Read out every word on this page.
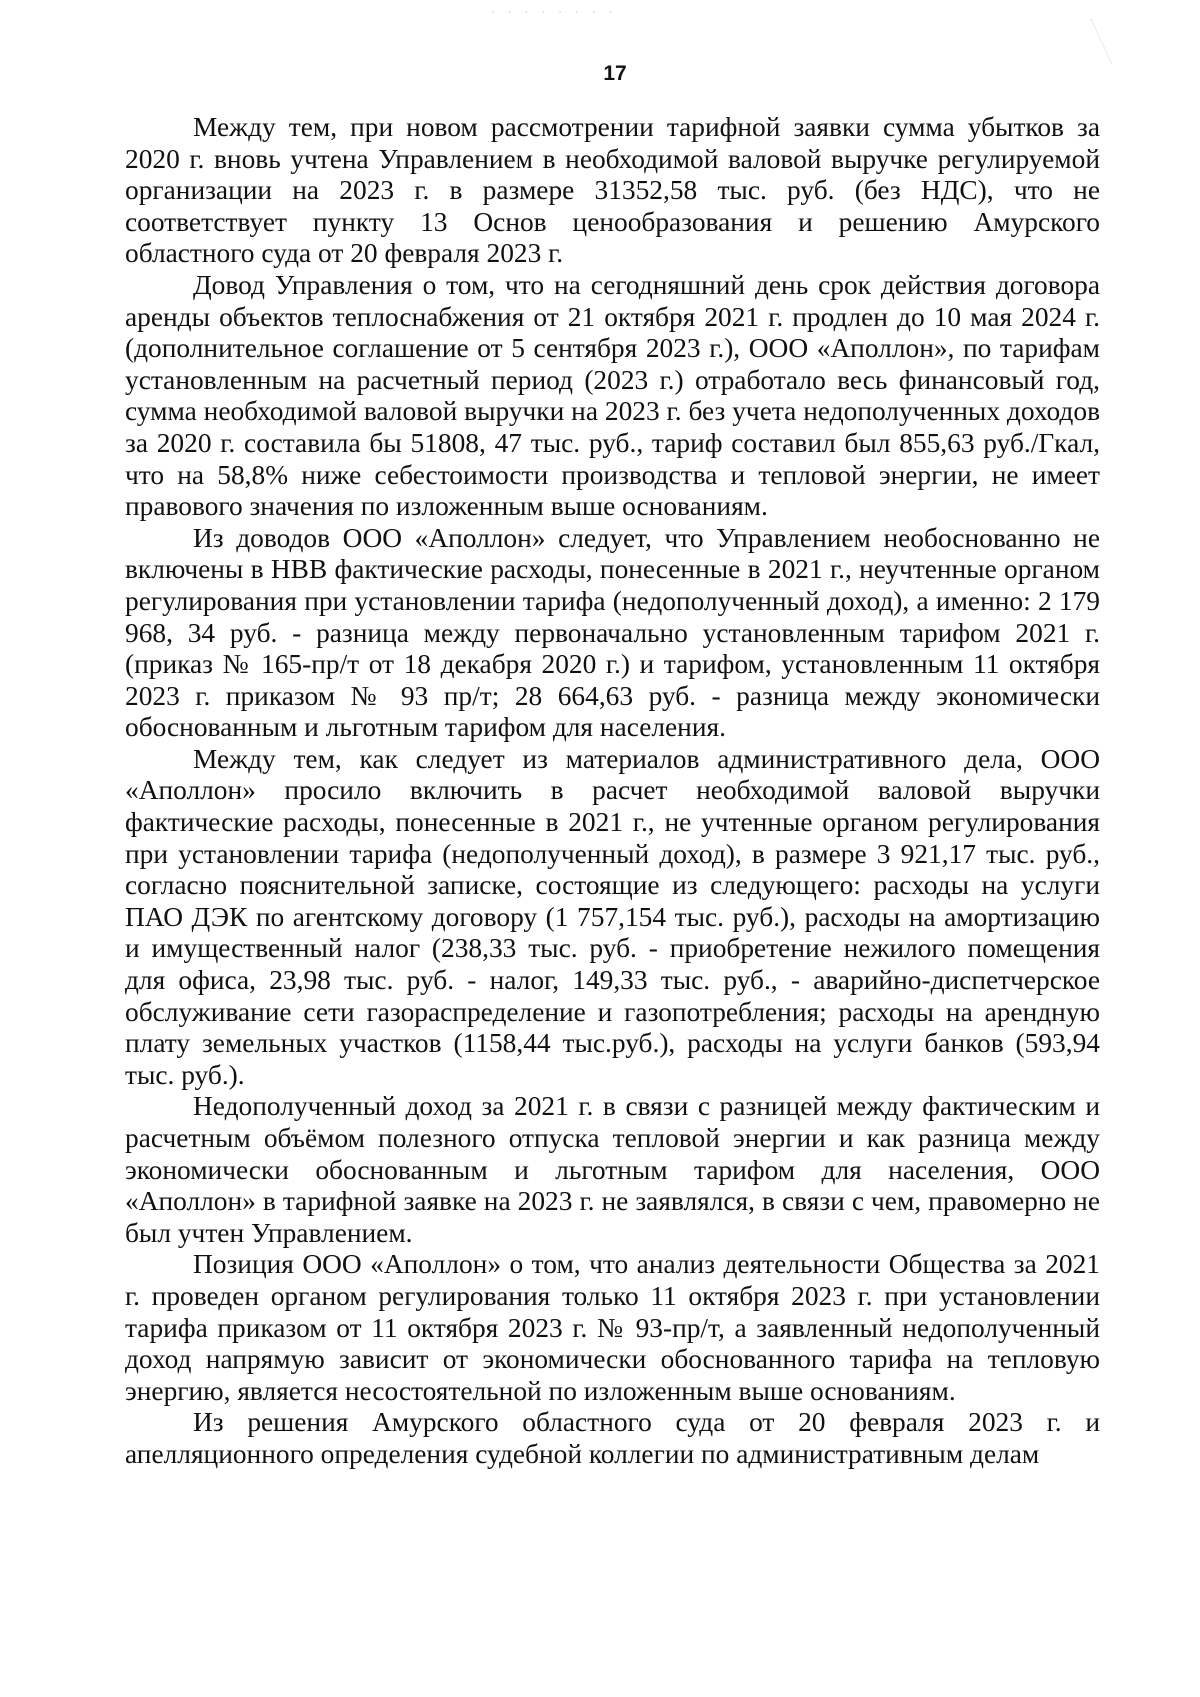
· · · · · · · ·
17

Между тем, при новом рассмотрении тарифной заявки сумма убытков за 2020 г. вновь учтена Управлением в необходимой валовой выручке регулируемой организации на 2023 г. в размере 31352,58 тыс. руб. (без НДС), что не соответствует пункту 13 Основ ценообразования и решению Амурского областного суда от 20 февраля 2023 г.

Довод Управления о том, что на сегодняшний день срок действия договора аренды объектов теплоснабжения от 21 октября 2021 г. продлен до 10 мая 2024 г. (дополнительное соглашение от 5 сентября 2023 г.), ООО «Аполлон», по тарифам установленным на расчетный период (2023 г.) отработало весь финансовый год, сумма необходимой валовой выручки на 2023 г. без учета недополученных доходов за 2020 г. составила бы 51808, 47 тыс. руб., тариф составил был 855,63 руб./Гкал, что на 58,8% ниже себестоимости производства и тепловой энергии, не имеет правового значения по изложенным выше основаниям.

Из доводов ООО «Аполлон» следует, что Управлением необоснованно не включены в НВВ фактические расходы, понесенные в 2021 г., неучтенные органом регулирования при установлении тарифа (недополученный доход), а именно: 2 179 968, 34 руб. - разница между первоначально установленным тарифом 2021 г. (приказ № 165-пр/т от 18 декабря 2020 г.) и тарифом, установленным 11 октября 2023 г. приказом № 93 пр/т; 28 664,63 руб. - разница между экономически обоснованным и льготным тарифом для населения.

Между тем, как следует из материалов административного дела, ООО «Аполлон» просило включить в расчет необходимой валовой выручки фактические расходы, понесенные в 2021 г., не учтенные органом регулирования при установлении тарифа (недополученный доход), в размере 3 921,17 тыс. руб., согласно пояснительной записке, состоящие из следующего: расходы на услуги ПАО ДЭК по агентскому договору (1 757,154 тыс. руб.), расходы на амортизацию и имущественный налог (238,33 тыс. руб. - приобретение нежилого помещения для офиса, 23,98 тыс. руб. - налог, 149,33 тыс. руб., - аварийно-диспетчерское обслуживание сети газораспределение и газопотребления; расходы на арендную плату земельных участков (1158,44 тыс.руб.), расходы на услуги банков (593,94 тыс. руб.).

Недополученный доход за 2021 г. в связи с разницей между фактическим и расчетным объёмом полезного отпуска тепловой энергии и как разница между экономически обоснованным и льготным тарифом для населения, ООО «Аполлон» в тарифной заявке на 2023 г. не заявлялся, в связи с чем, правомерно не был учтен Управлением.

Позиция ООО «Аполлон» о том, что анализ деятельности Общества за 2021 г. проведен органом регулирования только 11 октября 2023 г. при установлении тарифа приказом от 11 октября 2023 г. № 93-пр/т, а заявленный недополученный доход напрямую зависит от экономически обоснованного тарифа на тепловую энергию, является несостоятельной по изложенным выше основаниям.

Из решения Амурского областного суда от 20 февраля 2023 г. и апелляционного определения судебной коллегии по административным делам
